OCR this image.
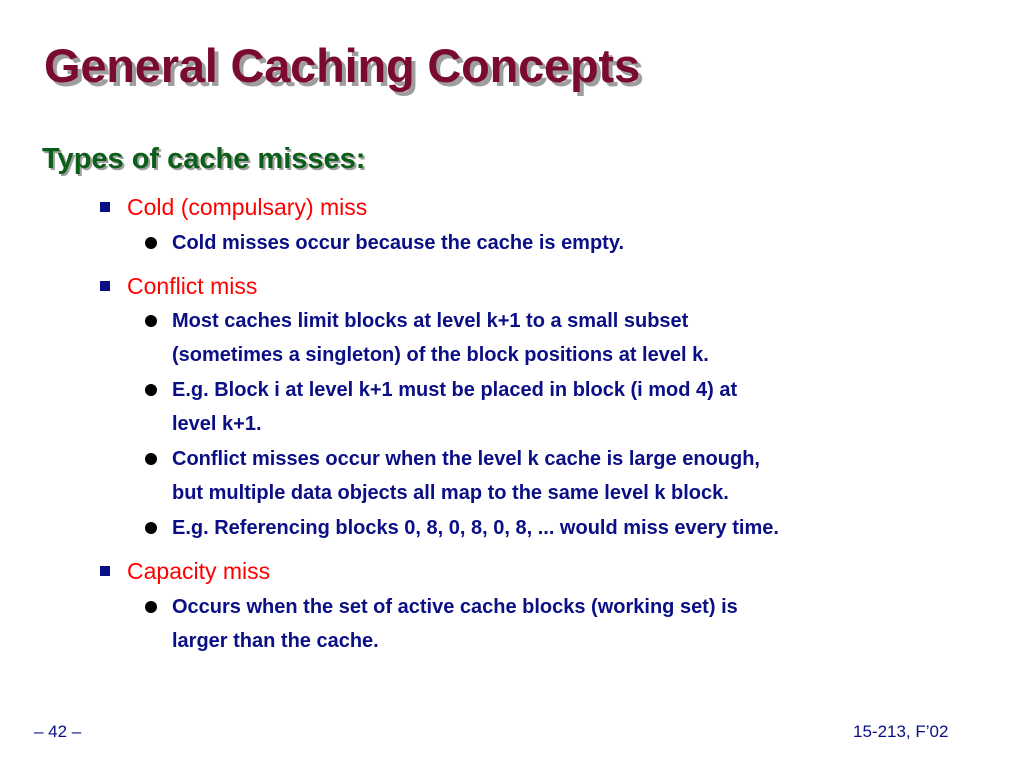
General Caching Concepts
Types of cache misses:
Cold (compulsary) miss
Cold misses occur because the cache is empty.
Conflict miss
Most caches limit blocks at level k+1 to a small subset
(sometimes a singleton) of the block positions at level k.
E.g. Block i at level k+1 must be placed in block (i mod 4) at
level k+1.
Conflict misses occur when the level k cache is large enough,
but multiple data objects all map to the same level k block.
E.g. Referencing blocks 0, 8, 0, 8, 0, 8, ... would miss every time.
Capacity miss
Occurs when the set of active cache blocks (working set) is
larger than the cache.
– 42 –	15-213, F’02
